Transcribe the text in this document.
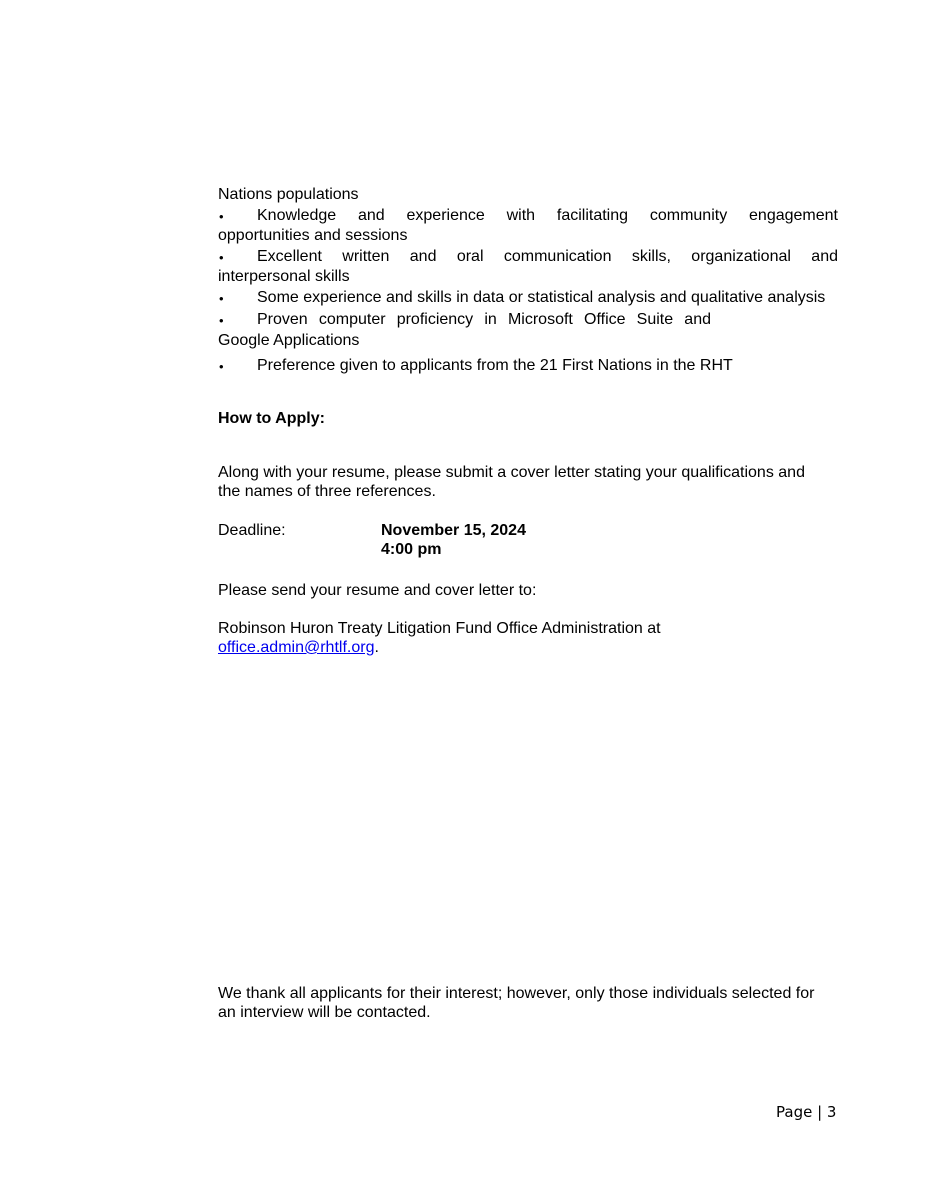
Nations populations

• Knowledge and experience with facilitating community engagement

opportunities and sessions

• Excellent written and oral communication skills, organizational and

interpersonal skills

• Some experience and skills in data or statistical analysis and qualitative analysis

• Proven computer proficiency in Microsoft Office Suite and

Google Applications

• Preference given to applicants from the 21 First Nations in the RHT

How to Apply:

Along with your resume, please submit a cover letter stating your qualifications and

the names of three references.

Deadline:	November 15, 2024

4:00 pm

Please send your resume and cover letter to:

Robinson Huron Treaty Litigation Fund Office Administration at

office.admin@rhtlf.org.

We thank all applicants for their interest; however, only those individuals selected for

an interview will be contacted.

Page | 3
